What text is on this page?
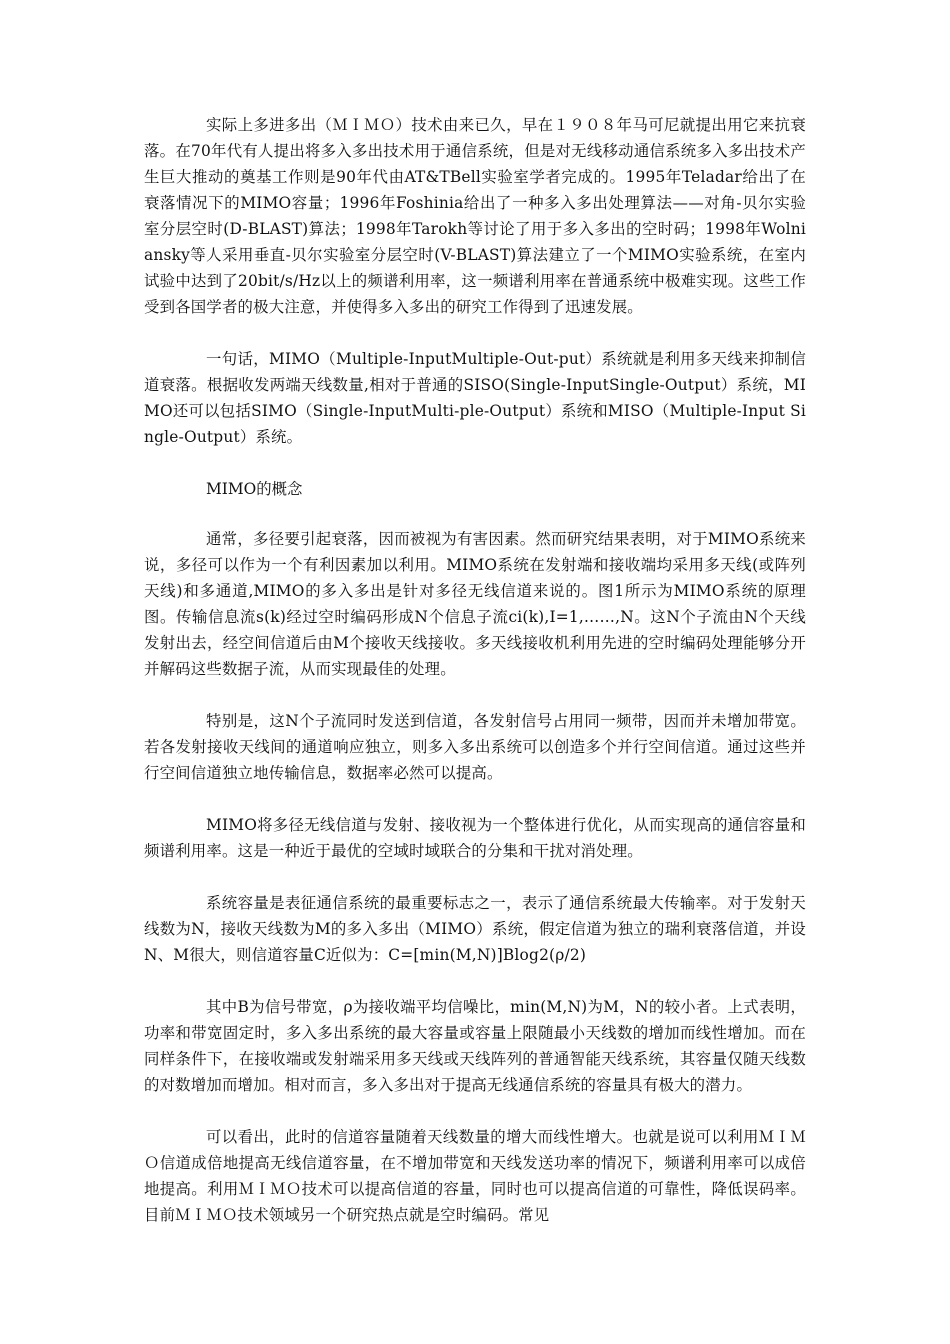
实际上多进多出（ＭＩＭＯ）技术由来已久，早在１９０８年马可尼就提出用它来抗衰落。在70年代有人提出将多入多出技术用于通信系统，但是对无线移动通信系统多入多出技术产生巨大推动的奠基工作则是90年代由AT&TBell实验室学者完成的。1995年Teladar给出了在衰落情况下的MIMO容量；1996年Foshinia给出了一种多入多出处理算法——对角-贝尔实验室分层空时(D-BLAST)算法；1998年Tarokh等讨论了用于多入多出的空时码；1998年Wolniansky等人采用垂直-贝尔实验室分层空时(V-BLAST)算法建立了一个MIMO实验系统，在室内试验中达到了20bit/s/Hz以上的频谱利用率，这一频谱利用率在普通系统中极难实现。这些工作受到各国学者的极大注意，并使得多入多出的研究工作得到了迅速发展。

一句话，MIMO（Multiple-InputMultiple-Out-put）系统就是利用多天线来抑制信道衰落。根据收发两端天线数量,相对于普通的SISO(Single-InputSingle-Output）系统，MIMO还可以包括SIMO（Single-InputMulti-ple-Output）系统和MISO（Multiple-Input Single-Output）系统。

MIMO的概念

通常，多径要引起衰落，因而被视为有害因素。然而研究结果表明，对于MIMO系统来说，多径可以作为一个有利因素加以利用。MIMO系统在发射端和接收端均采用多天线(或阵列天线)和多通道,MIMO的多入多出是针对多径无线信道来说的。图1所示为MIMO系统的原理图。传输信息流s(k)经过空时编码形成N个信息子流ci(k),I=1,……,N。这N个子流由N个天线发射出去，经空间信道后由M个接收天线接收。多天线接收机利用先进的空时编码处理能够分开并解码这些数据子流，从而实现最佳的处理。

特别是，这N个子流同时发送到信道，各发射信号占用同一频带，因而并未增加带宽。若各发射接收天线间的通道响应独立，则多入多出系统可以创造多个并行空间信道。通过这些并行空间信道独立地传输信息，数据率必然可以提高。

MIMO将多径无线信道与发射、接收视为一个整体进行优化，从而实现高的通信容量和频谱利用率。这是一种近于最优的空域时域联合的分集和干扰对消处理。

系统容量是表征通信系统的最重要标志之一，表示了通信系统最大传输率。对于发射天线数为N，接收天线数为M的多入多出（MIMO）系统，假定信道为独立的瑞利衰落信道，并设N、M很大，则信道容量C近似为：C=[min(M,N)]Blog2(ρ/2)

其中B为信号带宽，ρ为接收端平均信噪比，min(M,N)为M，N的较小者。上式表明，功率和带宽固定时，多入多出系统的最大容量或容量上限随最小天线数的增加而线性增加。而在同样条件下，在接收端或发射端采用多天线或天线阵列的普通智能天线系统，其容量仅随天线数的对数增加而增加。相对而言，多入多出对于提高无线通信系统的容量具有极大的潜力。

可以看出，此时的信道容量随着天线数量的增大而线性增大。也就是说可以利用ＭＩＭＯ信道成倍地提高无线信道容量，在不增加带宽和天线发送功率的情况下，频谱利用率可以成倍地提高。利用ＭＩＭＯ技术可以提高信道的容量，同时也可以提高信道的可靠性，降低误码率。目前ＭＩＭＯ技术领域另一个研究热点就是空时编码。常见
